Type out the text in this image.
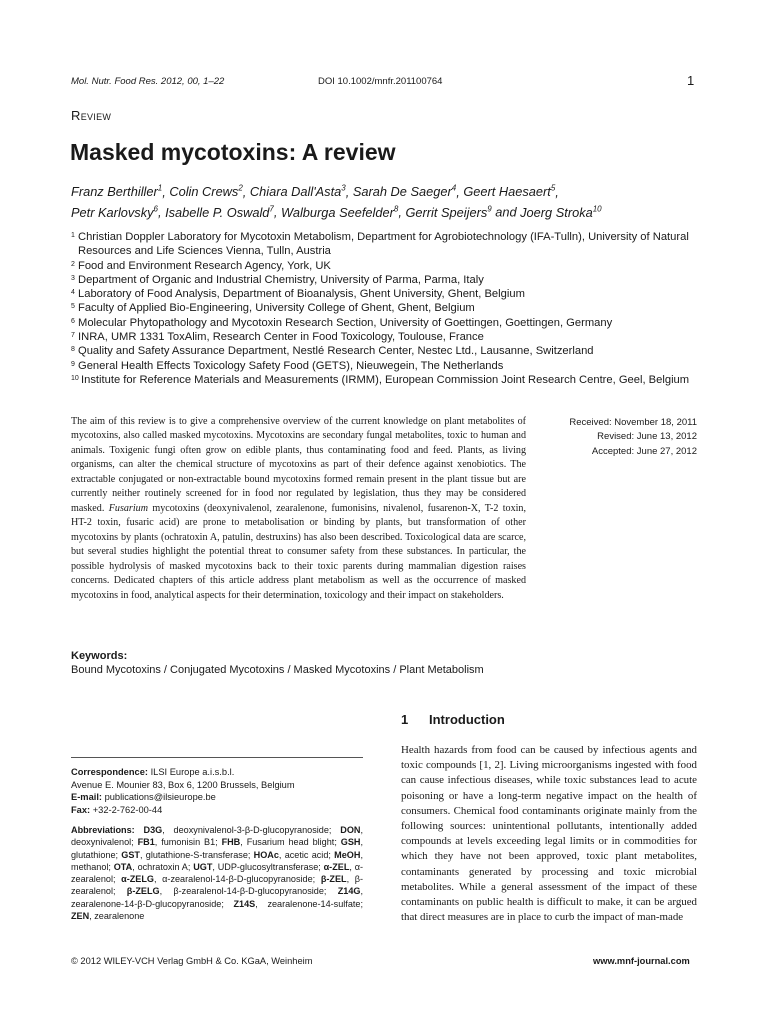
Mol. Nutr. Food Res. 2012, 00, 1–22	DOI 10.1002/mnfr.201100764	1
Review
Masked mycotoxins: A review
Franz Berthiller$^1$, Colin Crews$^2$, Chiara Dall'Asta$^3$, Sarah De Saeger$^4$, Geert Haesaert$^5$,
Petr Karlovsky$^6$, Isabelle P. Oswald$^7$, Walburga Seefelder$^8$, Gerrit Speijers$^9$ and Joerg Stroka$^{10}$
1 Christian Doppler Laboratory for Mycotoxin Metabolism, Department for Agrobiotechnology (IFA-Tulln), University of Natural Resources and Life Sciences Vienna, Tulln, Austria
2 Food and Environment Research Agency, York, UK
3 Department of Organic and Industrial Chemistry, University of Parma, Parma, Italy
4 Laboratory of Food Analysis, Department of Bioanalysis, Ghent University, Ghent, Belgium
5 Faculty of Applied Bio-Engineering, University College of Ghent, Ghent, Belgium
6 Molecular Phytopathology and Mycotoxin Research Section, University of Goettingen, Goettingen, Germany
7 INRA, UMR 1331 ToxAlim, Research Center in Food Toxicology, Toulouse, France
8 Quality and Safety Assurance Department, Nestlé Research Center, Nestec Ltd., Lausanne, Switzerland
9 General Health Effects Toxicology Safety Food (GETS), Nieuwegein, The Netherlands
10 Institute for Reference Materials and Measurements (IRMM), European Commission Joint Research Centre, Geel, Belgium

The aim of this review is to give a comprehensive overview of the current knowledge on plant metabolites of mycotoxins, also called masked mycotoxins. Mycotoxins are secondary fungal metabolites, toxic to human and animals. Toxigenic fungi often grow on edible plants, thus contaminating food and feed. Plants, as living organisms, can alter the chemical structure of mycotoxins as part of their defence against xenobiotics. The extractable conjugated or non-extractable bound mycotoxins formed remain present in the plant tissue but are currently neither routinely screened for in food nor regulated by legislation, thus they may be considered masked. Fusarium mycotoxins (deoxynivalenol, zearalenone, fumonisins, nivalenol, fusarenon-X, T-2 toxin, HT-2 toxin, fusaric acid) are prone to metabolisation or binding by plants, but transformation of other mycotoxins by plants (ochratoxin A, patulin, destruxins) has also been described. Toxicological data are scarce, but several studies highlight the potential threat to consumer safety from these substances. In particular, the possible hydrolysis of masked mycotoxins back to their toxic parents during mammalian digestion raises concerns. Dedicated chapters of this article address plant metabolism as well as the occurrence of masked mycotoxins in food, analytical aspects for their determination, toxicology and their impact on stakeholders.

Received: November 18, 2011
Revised: June 13, 2012
Accepted: June 27, 2012
Keywords:
Bound Mycotoxins / Conjugated Mycotoxins / Masked Mycotoxins / Plant Metabolism
1 Introduction
Correspondence: ILSI Europe a.i.s.b.l.
Avenue E. Mounier 83, Box 6, 1200 Brussels, Belgium
E-mail: publications@ilsieurope.be
Fax: +32-2-762-00-44

Abbreviations: D3G, deoxynivalenol-3-β-D-glucopyranoside; DON, deoxynivalenol; FB1, fumonisin B1; FHB, Fusarium head blight; GSH, glutathione; GST, glutathione-S-transferase; HOAc, acetic acid; MeOH, methanol; OTA, ochratoxin A; UGT, UDP-glucosyltransferase; α-ZEL, α-zearalenol; α-ZELG, α-zearalenol-14-β-D-glucopyranoside; β-ZEL, β-zearalenol; β-ZELG, β-zearalenol-14-β-D-glucopyranoside; Z14G, zearalenone-14-β-D-glucopyranoside; Z14S, zearalenone-14-sulfate; ZEN, zearalenone

Health hazards from food can be caused by infectious agents and toxic compounds [1, 2]. Living microorganisms ingested with food can cause infectious diseases, while toxic substances lead to acute poisoning or have a long-term negative impact on the health of consumers. Chemical food contaminants originate mainly from the following sources: unintentional pollutants, intentionally added compounds at levels exceeding legal limits or in commodities for which they have not been approved, toxic plant metabolites, contaminants generated by processing and toxic microbial metabolites. While a general assessment of the impact of these contaminants on public health is difficult to make, it can be argued that direct measures are in place to curb the impact of man-made

© 2012 WILEY-VCH Verlag GmbH & Co. KGaA, Weinheim	www.mnf-journal.com
